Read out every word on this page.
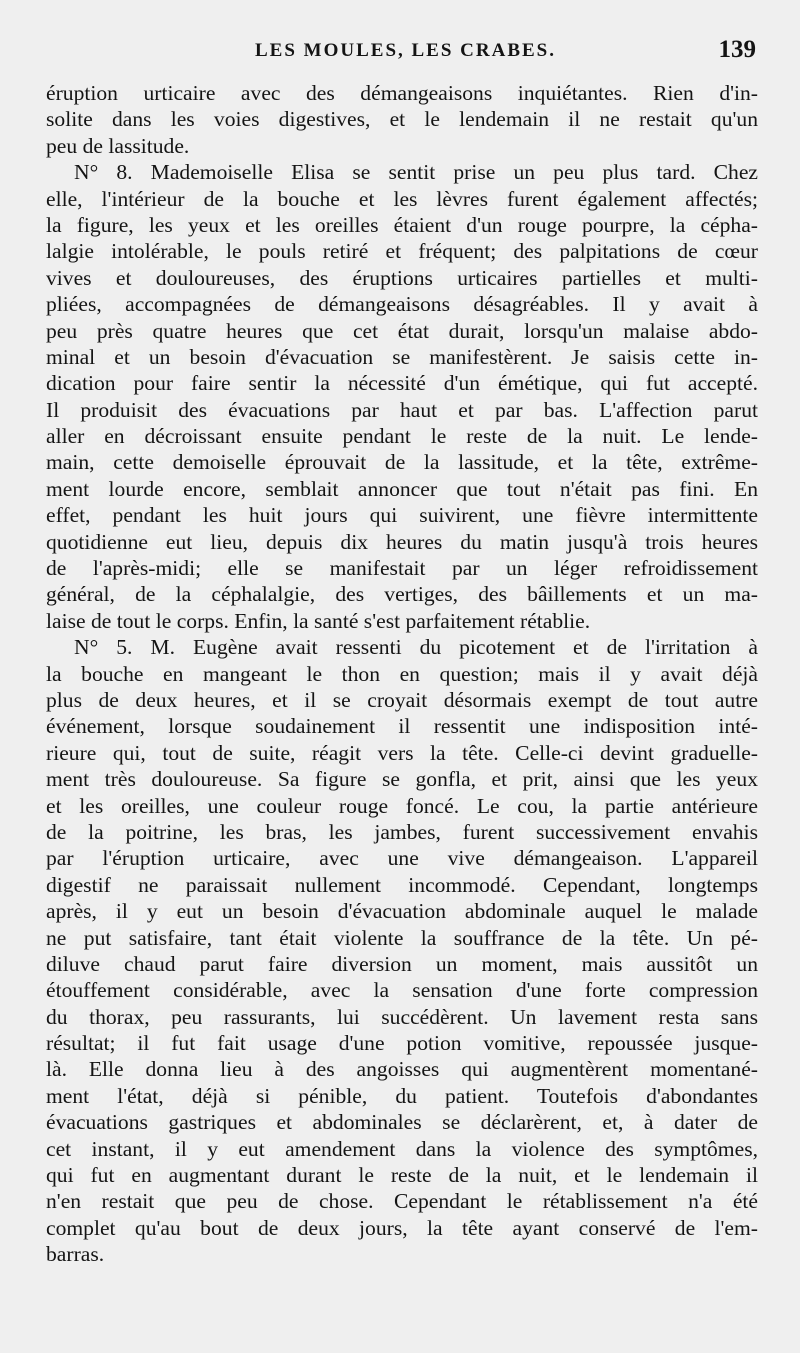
LES MOULES, LES CRABES.	139
éruption urticaire avec des démangeaisons inquiétantes. Rien d'in-
solite dans les voies digestives, et le lendemain il ne restait qu'un
peu de lassitude.
N° 8. Mademoiselle Elisa se sentit prise un peu plus tard. Chez
elle, l'intérieur de la bouche et les lèvres furent également affectés;
la figure, les yeux et les oreilles étaient d'un rouge pourpre, la cépha-
lalgie intolérable, le pouls retiré et fréquent; des palpitations de cœur
vives et douloureuses, des éruptions urticaires partielles et multi-
pliées, accompagnées de démangeaisons désagréables. Il y avait à
peu près quatre heures que cet état durait, lorsqu'un malaise abdo-
minal et un besoin d'évacuation se manifestèrent. Je saisis cette in-
dication pour faire sentir la nécessité d'un émétique, qui fut accepté.
Il produisit des évacuations par haut et par bas. L'affection parut
aller en décroissant ensuite pendant le reste de la nuit. Le lende-
main, cette demoiselle éprouvait de la lassitude, et la tête, extrême-
ment lourde encore, semblait annoncer que tout n'était pas fini. En
effet, pendant les huit jours qui suivirent, une fièvre intermittente
quotidienne eut lieu, depuis dix heures du matin jusqu'à trois heures
de l'après-midi; elle se manifestait par un léger refroidissement
général, de la céphalalgie, des vertiges, des bâillements et un ma-
laise de tout le corps. Enfin, la santé s'est parfaitement rétablie.
N° 5. M. Eugène avait ressenti du picotement et de l'irritation à
la bouche en mangeant le thon en question; mais il y avait déjà
plus de deux heures, et il se croyait désormais exempt de tout autre
événement, lorsque soudainement il ressentit une indisposition inté-
rieure qui, tout de suite, réagit vers la tête. Celle-ci devint graduelle-
ment très douloureuse. Sa figure se gonfla, et prit, ainsi que les yeux
et les oreilles, une couleur rouge foncé. Le cou, la partie antérieure
de la poitrine, les bras, les jambes, furent successivement envahis
par l'éruption urticaire, avec une vive démangeaison. L'appareil
digestif ne paraissait nullement incommodé. Cependant, longtemps
après, il y eut un besoin d'évacuation abdominale auquel le malade
ne put satisfaire, tant était violente la souffrance de la tête. Un pé-
diluve chaud parut faire diversion un moment, mais aussitôt un
étouffement considérable, avec la sensation d'une forte compression
du thorax, peu rassurants, lui succédèrent. Un lavement resta sans
résultat; il fut fait usage d'une potion vomitive, repoussée jusque-
là. Elle donna lieu à des angoisses qui augmentèrent momentané-
ment l'état, déjà si pénible, du patient. Toutefois d'abondantes
évacuations gastriques et abdominales se déclarèrent, et, à dater de
cet instant, il y eut amendement dans la violence des symptômes,
qui fut en augmentant durant le reste de la nuit, et le lendemain il
n'en restait que peu de chose. Cependant le rétablissement n'a été
complet qu'au bout de deux jours, la tête ayant conservé de l'em-
barras.
